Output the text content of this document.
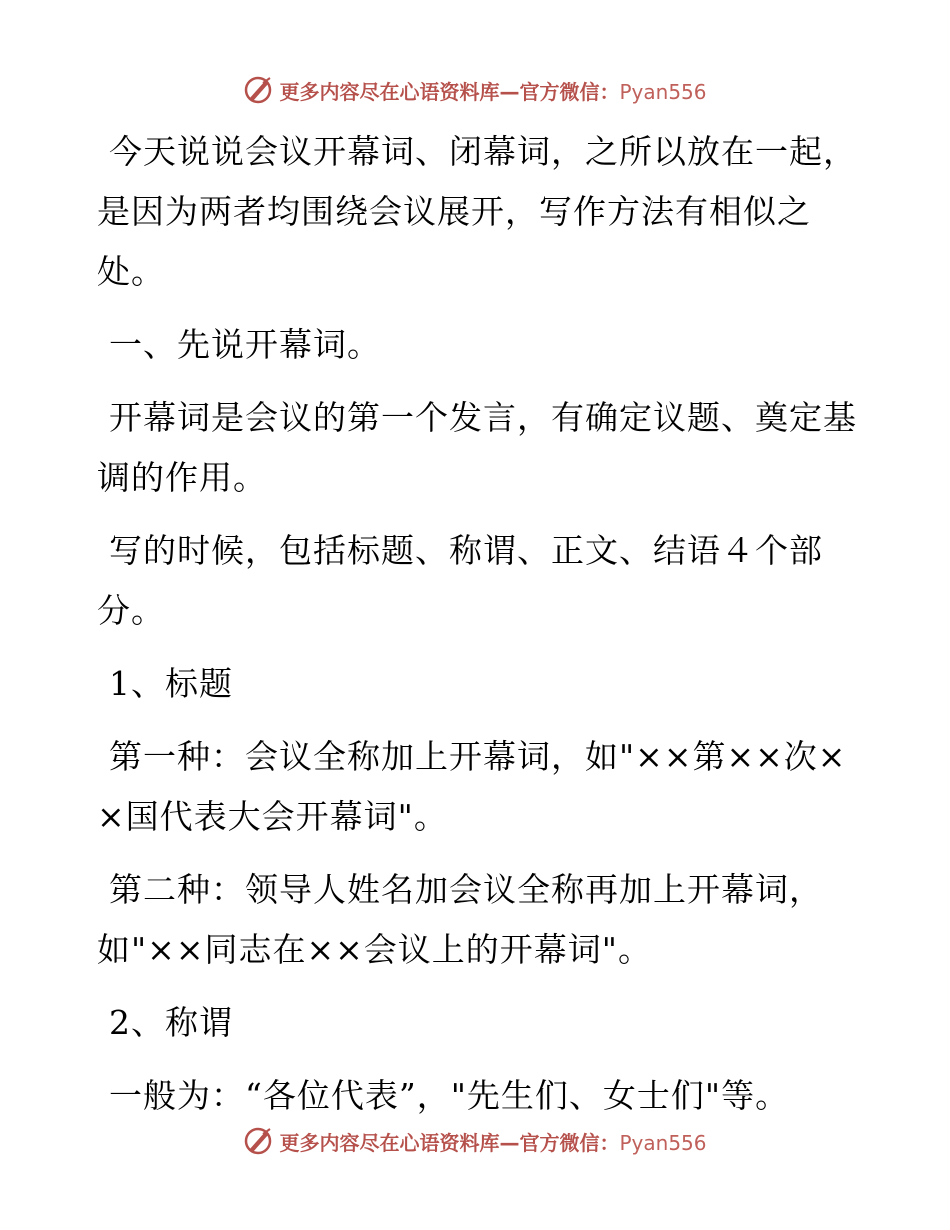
更多内容尽在心语资料库—官方微信：Pyan556

今天说说会议开幕词、闭幕词，之所以放在一起，是因为两者均围绕会议展开，写作方法有相似之处。

一、先说开幕词。

开幕词是会议的第一个发言，有确定议题、奠定基调的作用。

写的时候，包括标题、称谓、正文、结语４个部分。

1、标题

第一种：会议全称加上开幕词，如"××第××次××国代表大会开幕词"。

第二种：领导人姓名加会议全称再加上开幕词，如"××同志在××会议上的开幕词"。

2、称谓

一般为：“各位代表”，"先生们、女士们"等。

更多内容尽在心语资料库—官方微信：Pyan556
